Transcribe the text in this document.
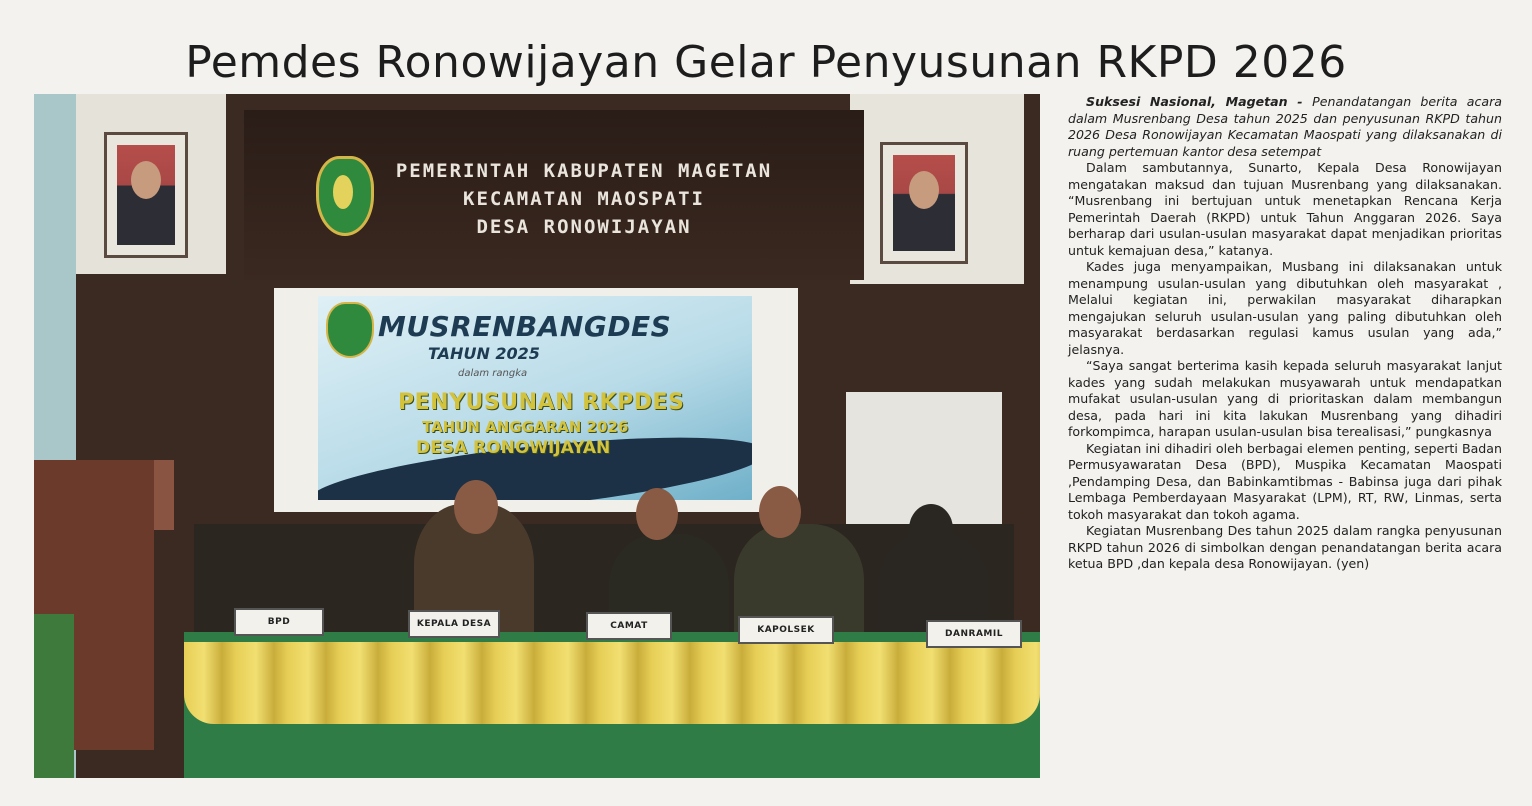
Pemdes Ronowijayan Gelar Penyusunan RKPD 2026
PEMERINTAH KABUPATEN MAGETAN
KECAMATAN MAOSPATI
DESA RONOWIJAYAN
MUSRENBANGDES
TAHUN 2025
dalam rangka
PENYUSUNAN RKPDES
TAHUN ANGGARAN 2026
DESA RONOWIJAYAN
BPD	KEPALA DESA	CAMAT	KAPOLSEK	DANRAMIL

Suksesi Nasional, Magetan - Penandatangan berita acara dalam Musrenbang Desa tahun 2025 dan penyusunan RKPD tahun 2026 Desa Ronowijayan Kecamatan Maospati yang dilaksanakan di ruang pertemuan kantor desa setempat

Dalam sambutannya, Sunarto, Kepala Desa Ronowijayan mengatakan maksud dan tujuan Musrenbang yang dilaksanakan. “Musrenbang ini bertujuan untuk menetapkan Rencana Kerja Pemerintah Daerah (RKPD) untuk Tahun Anggaran 2026. Saya berharap dari usulan-usulan masyarakat dapat menjadikan prioritas untuk kemajuan desa,” katanya.

Kades juga menyampaikan, Musbang ini dilaksanakan untuk menampung usulan-usulan yang dibutuhkan oleh masyarakat , Melalui kegiatan ini, perwakilan masyarakat diharapkan mengajukan seluruh usulan-usulan yang paling dibutuhkan oleh masyarakat berdasarkan regulasi kamus usulan yang ada,” jelasnya.

“Saya sangat berterima kasih kepada seluruh masyarakat lanjut kades yang sudah melakukan musyawarah untuk mendapatkan mufakat usulan-usulan yang di prioritaskan dalam membangun desa, pada hari ini kita lakukan Musrenbang yang dihadiri forkompimca, harapan usulan-usulan bisa terealisasi,” pungkasnya

Kegiatan ini dihadiri oleh berbagai elemen penting, seperti Badan Permusyawaratan Desa (BPD), Muspika Kecamatan Maospati ,Pendamping Desa, dan Babinkamtibmas - Babinsa juga dari pihak Lembaga Pemberdayaan Masyarakat (LPM), RT, RW, Linmas, serta tokoh masyarakat dan tokoh agama.

Kegiatan Musrenbang Des tahun 2025 dalam rangka penyusunan RKPD tahun 2026 di simbolkan dengan penandatangan berita acara ketua BPD ,dan kepala desa Ronowijayan. (yen)
